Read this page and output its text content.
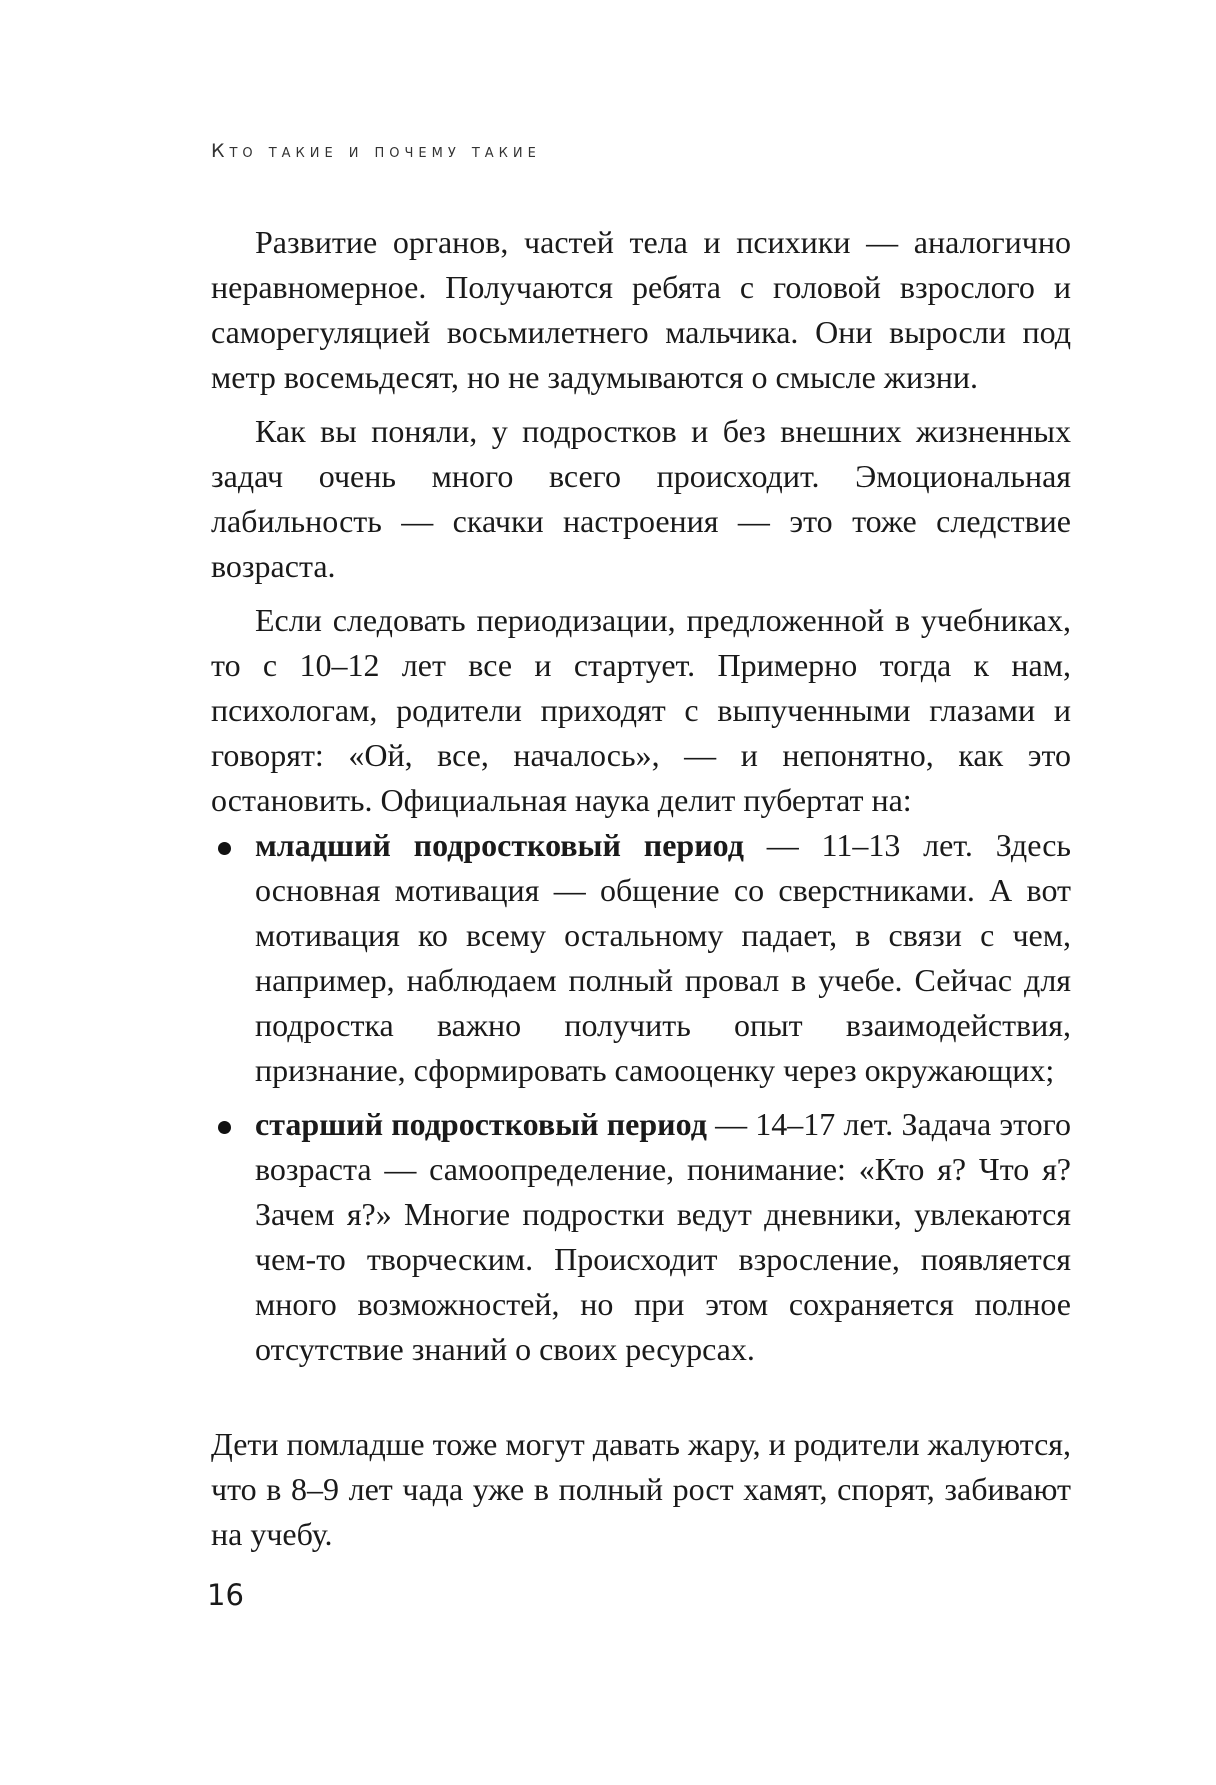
Кто такие и почему такие

Развитие органов, частей тела и психики — аналогично неравномерное. Получаются ребята с головой взрослого и саморегуляцией восьмилетнего мальчика. Они выросли под метр восемьдесят, но не задумываются о смысле жизни.

Как вы поняли, у подростков и без внешних жизненных задач очень много всего происходит. Эмоциональная лабильность — скачки настроения — это тоже следствие возраста.

Если следовать периодизации, предложенной в учебниках, то с 10–12 лет все и стартует. Примерно тогда к нам, психологам, родители приходят с выпученными глазами и говорят: «Ой, все, началось», — и непонятно, как это остановить. Официальная наука делит пубертат на:

младший подростковый период — 11–13 лет. Здесь основная мотивация — общение со сверстниками. А вот мотивация ко всему остальному падает, в связи с чем, например, наблюдаем полный провал в учебе. Сейчас для подростка важно получить опыт взаимодействия, признание, сформировать самооценку через окружающих;
старший подростковый период — 14–17 лет. Задача этого возраста — самоопределение, понимание: «Кто я? Что я? Зачем я?» Многие подростки ведут дневники, увлекаются чем-то творческим. Происходит взросление, появляется много возможностей, но при этом сохраняется полное отсутствие знаний о своих ресурсах.

Дети помладше тоже могут давать жару, и родители жалуются, что в 8–9 лет чада уже в полный рост хамят, спорят, забивают на учебу.

16
